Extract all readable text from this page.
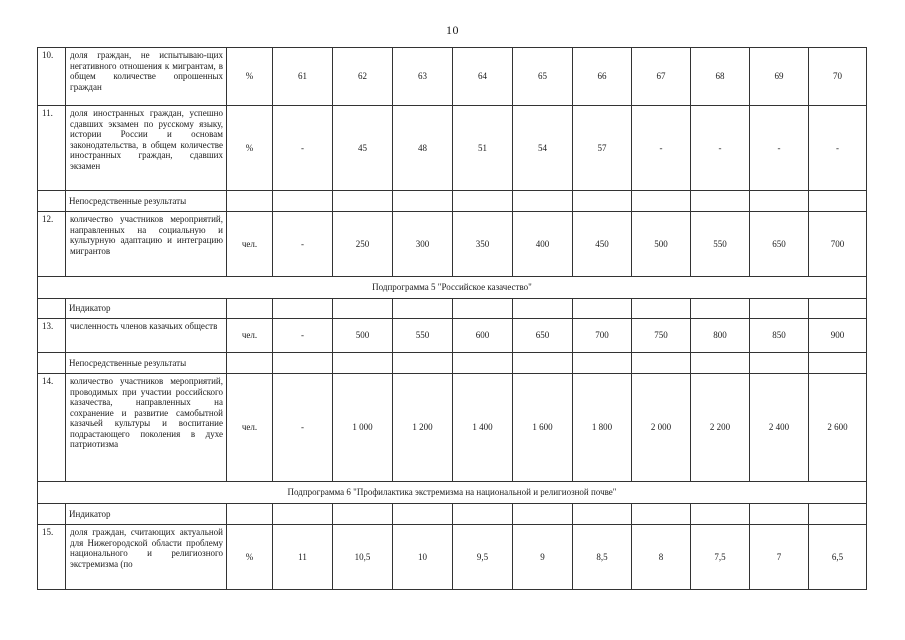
10
10.	доля граждан, не испытываю-щих негативного отношения к мигрантам, в общем количестве опрошенных граждан	%	61	62	63	64	65	66	67	68	69	70
11.	доля иностранных граждан, успешно сдавших экзамен по русскому языку, истории России и основам законодательства, в общем количестве иностранных граждан, сдавших экзамен	%	-	45	48	51	54	57	-	-	-	-
	Непосредственные результаты											
12.	количество участников мероприятий, направленных на социальную и культурную адаптацию и интеграцию мигрантов	чел.	-	250	300	350	400	450	500	550	650	700
Подпрограмма 5 "Российское казачество"												
	Индикатор											
13.	численность членов казачьих обществ	чел.	-	500	550	600	650	700	750	800	850	900
	Непосредственные результаты											
14.	количество участников мероприятий, проводимых при участии российского казачества, направленных на сохранение и развитие самобытной казачьей культуры и воспитание подрастающего поколения в духе патриотизма	чел.	-	1 000	1 200	1 400	1 600	1 800	2 000	2 200	2 400	2 600
Подпрограмма 6 "Профилактика экстремизма на национальной и религиозной почве"												
	Индикатор											
15.	доля граждан, считающих актуальной для Нижегородской области проблему национального и религиозного экстремизма (по	%	11	10,5	10	9,5	9	8,5	8	7,5	7	6,5
